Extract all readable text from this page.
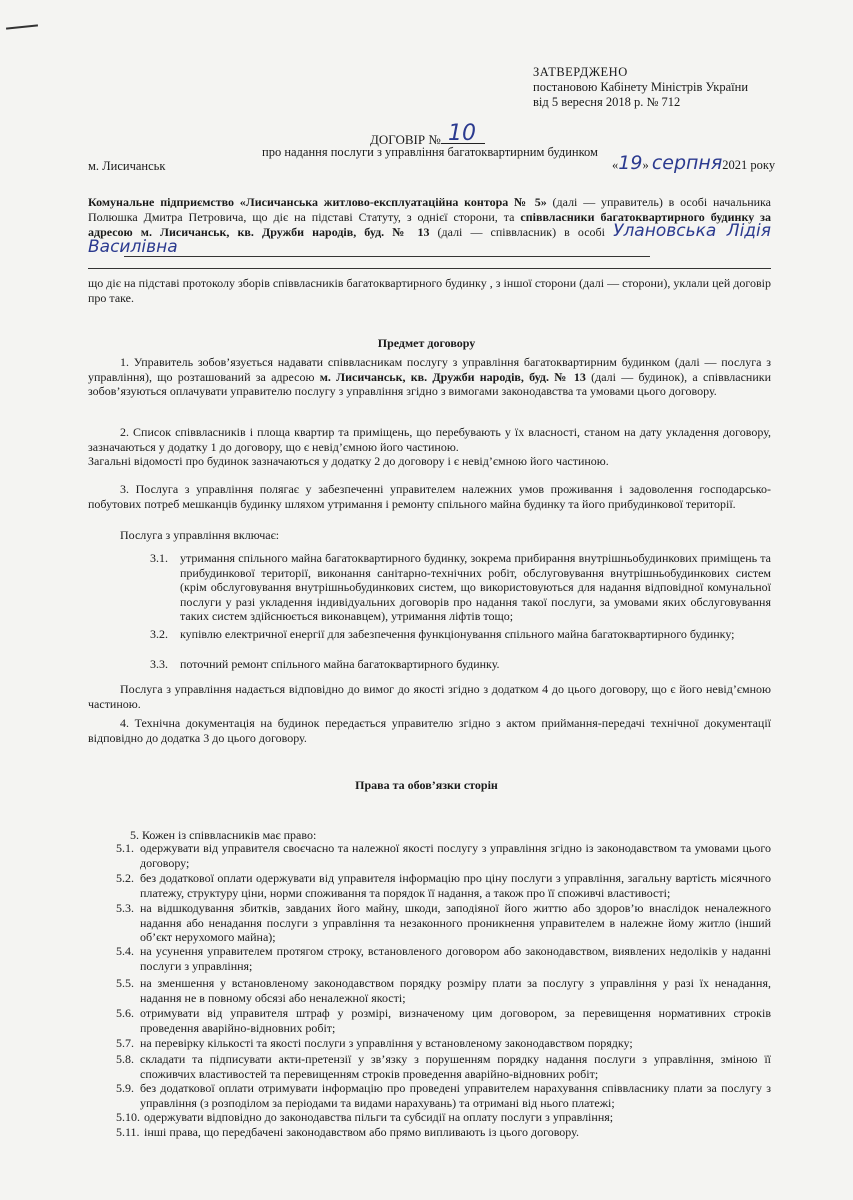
ЗАТВЕРДЖЕНО
постановою Кабінету Міністрів України
від 5 вересня 2018 р. № 712
ДОГОВІР № 10
про надання послуги з управління багатоквартирним будинком
м. Лисичанськ	«19» серпня2021 року
Комунальне підприємство «Лисичанська житлово-експлуатаційна контора № 5» (далі — управитель) в особі начальника Полюшка Дмитра Петровича, що діє на підставі Статуту, з однієї сторони, та співвласники багатоквартирного будинку за адресою м. Лисичанськ, кв. Дружби народів, буд. № 13 (далі — співвласник) в особі Улановська Лідія Василівна
що діє на підставі протоколу зборів співвласників багатоквартирного будинку , з іншої сторони (далі — сторони), уклали цей договір про таке.
Предмет договору
1. Управитель зобов’язується надавати співвласникам послугу з управління багатоквартирним будинком (далі — послуга з управління), що розташований за адресою м. Лисичанськ, кв. Дружби народів, буд. № 13 (далі — будинок), а співвласники зобов’язуються оплачувати управителю послугу з управління згідно з вимогами законодавства та умовами цього договору.
2. Список співвласників і площа квартир та приміщень, що перебувають у їх власності, станом на дату укладення договору, зазначаються у додатку 1 до договору, що є невід’ємною його частиною.
Загальні відомості про будинок зазначаються у додатку 2 до договору і є невід’ємною його частиною.
3. Послуга з управління полягає у забезпеченні управителем належних умов проживання і задоволення господарсько-побутових потреб мешканців будинку шляхом утримання і ремонту спільного майна будинку та його прибудинкової території.
Послуга з управління включає:
3.1.	утримання спільного майна багатоквартирного будинку, зокрема прибирання внутрішньобудинкових приміщень та прибудинкової території, виконання санітарно-технічних робіт, обслуговування внутрішньобудинкових систем (крім обслуговування внутрішньобудинкових систем, що використовуються для надання відповідної комунальної послуги у разі укладення індивідуальних договорів про надання такої послуги, за умовами яких обслуговування таких систем здійснюється виконавцем), утримання ліфтів тощо;
3.2.	купівлю електричної енергії для забезпечення функціонування спільного майна багатоквартирного будинку;
3.3.	поточний ремонт спільного майна багатоквартирного будинку.
Послуга з управління надається відповідно до вимог до якості згідно з додатком 4 до цього договору, що є його невід’ємною частиною.
4. Технічна документація на будинок передається управителю згідно з актом приймання-передачі технічної документації відповідно до додатка 3 до цього договору.
Права та обов’язки сторін
5. Кожен із співвласників має право:
5.1. одержувати від управителя своєчасно та належної якості послугу з управління згідно із законодавством та умовами цього договору;
5.2. без додаткової оплати одержувати від управителя інформацію про ціну послуги з управління, загальну вартість місячного платежу, структуру ціни, норми споживання та порядок її надання, а також про її споживчі властивості;
5.3. на відшкодування збитків, завданих його майну, шкоди, заподіяної його життю або здоров’ю внаслідок неналежного надання або ненадання послуги з управління та незаконного проникнення управителем в належне йому житло (інший об’єкт нерухомого майна);
5.4. на усунення управителем протягом строку, встановленого договором або законодавством, виявлених недоліків у наданні послуги з управління;
5.5. на зменшення у встановленому законодавством порядку розміру плати за послугу з управління у разі їх ненадання, надання не в повному обсязі або неналежної якості;
5.6. отримувати від управителя штраф у розмірі, визначеному цим договором, за перевищення нормативних строків проведення аварійно-відновних робіт;
5.7. на перевірку кількості та якості послуги з управління у встановленому законодавством порядку;
5.8. складати та підписувати акти-претензії у зв’язку з порушенням порядку надання послуги з управління, зміною її споживчих властивостей та перевищенням строків проведення аварійно-відновних робіт;
5.9. без додаткової оплати отримувати інформацію про проведені управителем нарахування співвласнику плати за послугу з управління (з розподілом за періодами та видами нарахувань) та отримані від нього платежі;
5.10. одержувати відповідно до законодавства пільги та субсидії на оплату послуги з управління;
5.11. інші права, що передбачені законодавством або прямо випливають із цього договору.
